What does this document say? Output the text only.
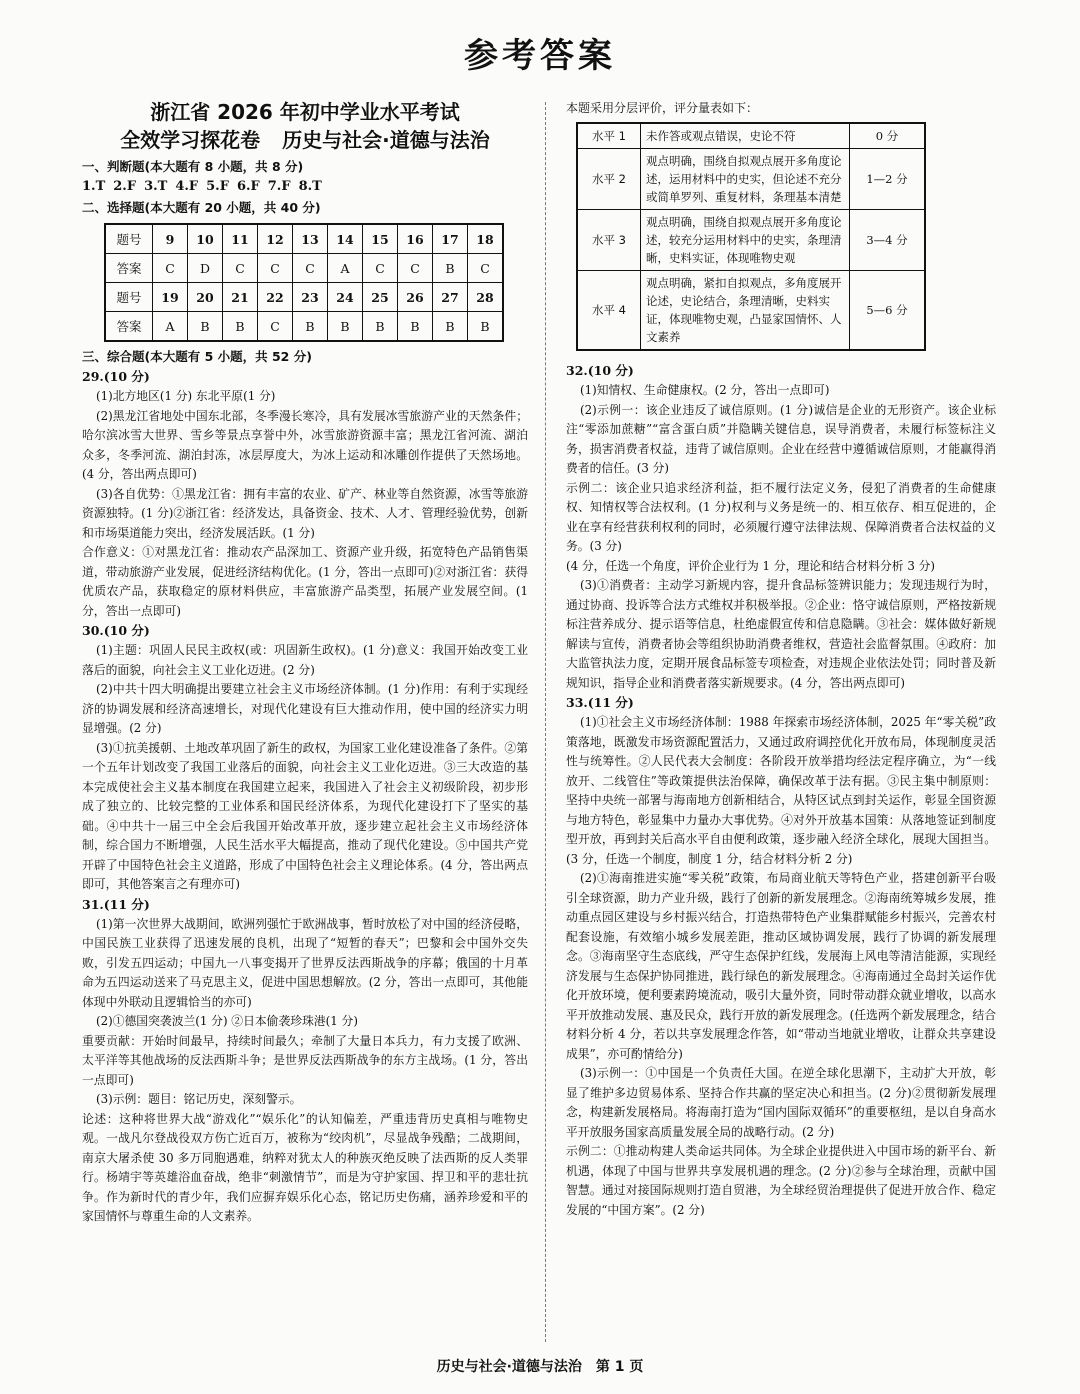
参考答案
浙江省 2026 年初中学业水平考试
全效学习探花卷 历史与社会·道德与法治
一、判断题(本大题有 8 小题，共 8 分)
1.T 2.F 3.T 4.F 5.F 6.F 7.F 8.T
二、选择题(本大题有 20 小题，共 40 分)
题号	9	10	11	12	13	14	15	16	17	18
答案	C	D	C	C	C	A	C	C	B	C
题号	19	20	21	22	23	24	25	26	27	28
答案	A	B	B	C	B	B	B	B	B	B
三、综合题(本大题有 5 小题，共 52 分)
29.(10 分)

(1)北方地区(1 分) 东北平原(1 分)

(2)黑龙江省地处中国东北部，冬季漫长寒冷，具有发展冰雪旅游产业的天然条件；哈尔滨冰雪大世界、雪乡等景点享誉中外，冰雪旅游资源丰富；黑龙江省河流、湖泊众多，冬季河流、湖泊封冻，冰层厚度大，为冰上运动和冰雕创作提供了天然场地。(4 分，答出两点即可)

(3)各自优势：①黑龙江省：拥有丰富的农业、矿产、林业等自然资源，冰雪等旅游资源独特。(1 分)②浙江省：经济发达，具备资金、技术、人才、管理经验优势，创新和市场渠道能力突出，经济发展活跃。(1 分)

合作意义：①对黑龙江省：推动农产品深加工、资源产业升级，拓宽特色产品销售渠道，带动旅游产业发展，促进经济结构优化。(1 分，答出一点即可)②对浙江省：获得优质农产品，获取稳定的原材料供应，丰富旅游产品类型，拓展产业发展空间。(1 分，答出一点即可)

30.(10 分)

(1)主题：巩固人民民主政权(或：巩固新生政权)。(1 分)意义：我国开始改变工业落后的面貌，向社会主义工业化迈进。(2 分)

(2)中共十四大明确提出要建立社会主义市场经济体制。(1 分)作用：有利于实现经济的协调发展和经济高速增长，对现代化建设有巨大推动作用，使中国的经济实力明显增强。(2 分)

(3)①抗美援朝、土地改革巩固了新生的政权，为国家工业化建设准备了条件。②第一个五年计划改变了我国工业落后的面貌，向社会主义工业化迈进。③三大改造的基本完成使社会主义基本制度在我国建立起来，我国进入了社会主义初级阶段，初步形成了独立的、比较完整的工业体系和国民经济体系，为现代化建设打下了坚实的基础。④中共十一届三中全会后我国开始改革开放，逐步建立起社会主义市场经济体制，综合国力不断增强，人民生活水平大幅提高，推动了现代化建设。⑤中国共产党开辟了中国特色社会主义道路，形成了中国特色社会主义理论体系。(4 分，答出两点即可，其他答案言之有理亦可)

31.(11 分)

(1)第一次世界大战期间，欧洲列强忙于欧洲战事，暂时放松了对中国的经济侵略，中国民族工业获得了迅速发展的良机，出现了“短暂的春天”；巴黎和会中国外交失败，引发五四运动；中国九一八事变揭开了世界反法西斯战争的序幕；俄国的十月革命为五四运动送来了马克思主义，促进中国思想解放。(2 分，答出一点即可，其他能体现中外联动且逻辑恰当的亦可)

(2)①德国突袭波兰(1 分) ②日本偷袭珍珠港(1 分)

重要贡献：开始时间最早，持续时间最久；牵制了大量日本兵力，有力支援了欧洲、太平洋等其他战场的反法西斯斗争；是世界反法西斯战争的东方主战场。(1 分，答出一点即可)

(3)示例：题目：铭记历史，深刻警示。

论述：这种将世界大战“游戏化”“娱乐化”的认知偏差，严重违背历史真相与唯物史观。一战凡尔登战役双方伤亡近百万，被称为“绞肉机”，尽显战争残酷；二战期间，南京大屠杀使 30 多万同胞遇难，纳粹对犹太人的种族灭绝反映了法西斯的反人类罪行。杨靖宇等英雄浴血奋战，绝非“刺激情节”，而是为守护家国、捍卫和平的悲壮抗争。作为新时代的青少年，我们应摒弃娱乐化心态，铭记历史伤痛，涵养珍爱和平的家国情怀与尊重生命的人文素养。

本题采用分层评价，评分量表如下：
水平 1	未作答或观点错误，史论不符	0 分
水平 2	观点明确，围绕自拟观点展开多角度论述，运用材料中的史实，但论述不充分或简单罗列、重复材料，条理基本清楚	1—2 分
水平 3	观点明确，围绕自拟观点展开多角度论述，较充分运用材料中的史实，条理清晰，史料实证，体现唯物史观	3—4 分
水平 4	观点明确，紧扣自拟观点，多角度展开论述，史论结合，条理清晰，史料实证，体现唯物史观，凸显家国情怀、人文素养	5—6 分
32.(10 分)

(1)知情权、生命健康权。(2 分，答出一点即可)

(2)示例一：该企业违反了诚信原则。(1 分)诚信是企业的无形资产。该企业标注“零添加蔗糖”“富含蛋白质”并隐瞒关键信息，误导消费者，未履行标签标注义务，损害消费者权益，违背了诚信原则。企业在经营中遵循诚信原则，才能赢得消费者的信任。(3 分)

示例二：该企业只追求经济利益，拒不履行法定义务，侵犯了消费者的生命健康权、知情权等合法权利。(1 分)权利与义务是统一的、相互依存、相互促进的，企业在享有经营获利权利的同时，必须履行遵守法律法规、保障消费者合法权益的义务。(3 分)

(4 分，任选一个角度，评价企业行为 1 分，理论和结合材料分析 3 分)

(3)①消费者：主动学习新规内容，提升食品标签辨识能力；发现违规行为时，通过协商、投诉等合法方式维权并积极举报。②企业：恪守诚信原则，严格按新规标注营养成分、提示语等信息，杜绝虚假宣传和信息隐瞒。③社会：媒体做好新规解读与宣传，消费者协会等组织协助消费者维权，营造社会监督氛围。④政府：加大监管执法力度，定期开展食品标签专项检查，对违规企业依法处罚；同时普及新规知识，指导企业和消费者落实新规要求。(4 分，答出两点即可)

33.(11 分)

(1)①社会主义市场经济体制：1988 年探索市场经济体制，2025 年“零关税”政策落地，既激发市场资源配置活力，又通过政府调控优化开放布局，体现制度灵活性与统筹性。②人民代表大会制度：各阶段开放举措均经法定程序确立，为“一线放开、二线管住”等政策提供法治保障，确保改革于法有据。③民主集中制原则：坚持中央统一部署与海南地方创新相结合，从特区试点到封关运作，彰显全国资源与地方特色，彰显集中力量办大事优势。④对外开放基本国策：从落地签证到制度型开放，再到封关后高水平自由便利政策，逐步融入经济全球化，展现大国担当。(3 分，任选一个制度，制度 1 分，结合材料分析 2 分)

(2)①海南推进实施“零关税”政策，布局商业航天等特色产业，搭建创新平台吸引全球资源，助力产业升级，践行了创新的新发展理念。②海南统筹城乡发展，推动重点园区建设与乡村振兴结合，打造热带特色产业集群赋能乡村振兴，完善农村配套设施，有效缩小城乡发展差距，推动区域协调发展，践行了协调的新发展理念。③海南坚守生态底线，严守生态保护红线，发展海上风电等清洁能源，实现经济发展与生态保护协同推进，践行绿色的新发展理念。④海南通过全岛封关运作优化开放环境，便利要素跨境流动，吸引大量外资，同时带动群众就业增收，以高水平开放推动发展、惠及民众，践行开放的新发展理念。(任选两个新发展理念，结合材料分析 4 分，若以共享发展理念作答，如“带动当地就业增收，让群众共享建设成果”，亦可酌情给分)

(3)示例一：①中国是一个负责任大国。在逆全球化思潮下，主动扩大开放，彰显了维护多边贸易体系、坚持合作共赢的坚定决心和担当。(2 分)②贯彻新发展理念，构建新发展格局。将海南打造为“国内国际双循环”的重要枢纽，是以自身高水平开放服务国家高质量发展全局的战略行动。(2 分)

示例二：①推动构建人类命运共同体。为全球企业提供进入中国市场的新平台、新机遇，体现了中国与世界共享发展机遇的理念。(2 分)②参与全球治理，贡献中国智慧。通过对接国际规则打造自贸港，为全球经贸治理提供了促进开放合作、稳定发展的“中国方案”。(2 分)

历史与社会·道德与法治　第 1 页
